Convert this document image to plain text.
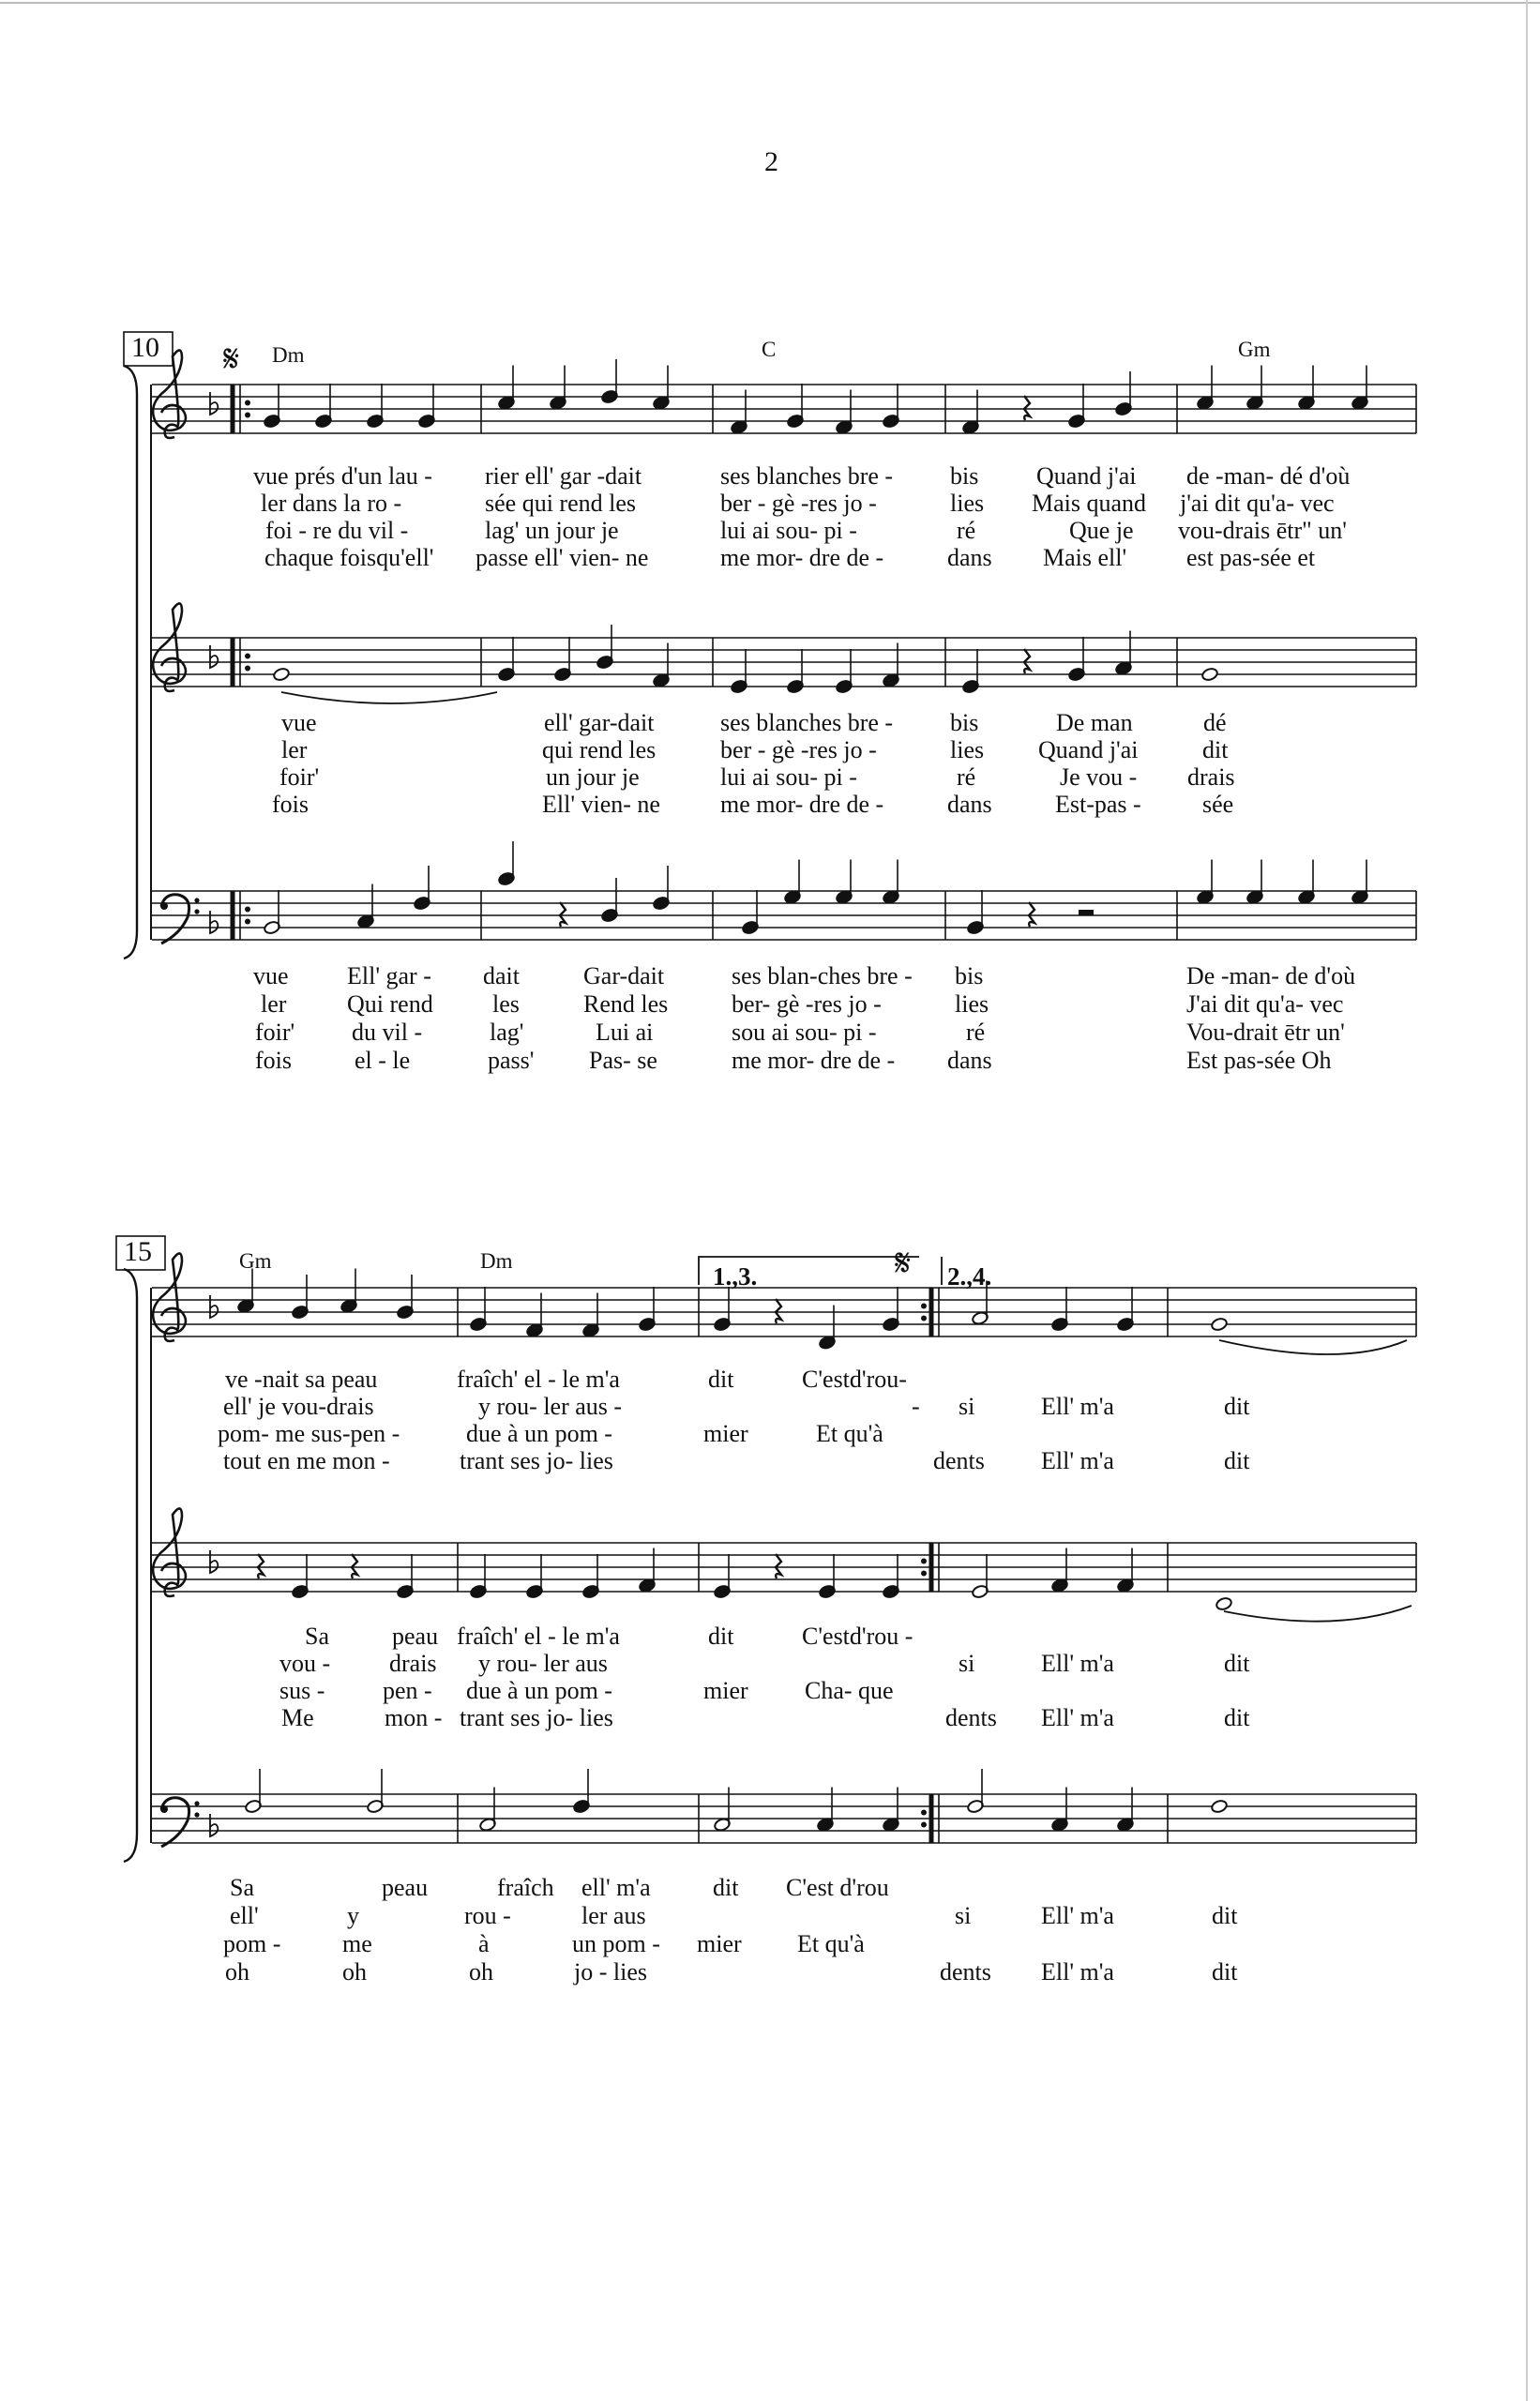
2
10 𝄋 Dm	C	Gm
vue prés d'un lau - rier ell' gar -dait	ses blanches bre - bis Quand j'ai de -man- dé d'où
ler dans la ro -	sée qui rend les	ber - gè -res jo -	lies Mais quand j'ai dit qu'a- vec
foi - re du vil -	lag' un jour je	lui ai sou- pi -	ré	Que je vou-drais ētr" un'
chaque foisqu'ell' passe ell' vien- ne	me mor- dre de -	dans Mais ell' est pas-sée et
vue	ell' gar-dait	ses blanches bre - bis	De man	dé
ler	qui rend les	ber - gè -res jo -	lies Quand j'ai	dit
foir'	un jour je	lui ai sou- pi -	ré	Je vou - drais
fois	Ell' vien- ne me mor- dre de -	dans	Est-pas -	sée
vue Ell' gar - dait	Gar-dait	ses blan-ches bre - bis	De -man- de d'où
ler Qui rend les	Rend les	ber- gè -res jo -	lies	J'ai dit qu'a- vec
foir' du vil -	lag'	Lui ai	sou ai sou- pi -	ré	Vou-drait ētr un'
fois	el - le	pass' Pas- se	me mor- dre de - dans	Est pas-sée Oh
15	Gm	Dm
1.,3.	𝄋 2.,4.
ve -nait sa peau	fraîch' el - le m'a	dit	C'estd'rou-
ell' je vou-drais	y rou- ler aus -	- si	Ell' m'a	dit
pom- me sus-pen -	due à un pom -	mier	Et qu'à
tout en me mon -	trant ses jo- lies	dents Ell' m'a	dit
Sa	peau fraîch' el - le m'a	dit	C'estd'rou -
vou - drais y rou- ler aus	si	Ell' m'a	dit
sus - pen - due à un pom -	mier Cha- que
Me	mon - trant ses jo- lies	dents Ell' m'a	dit
Sa	peau	fraîch ell' m'a	dit C'est d'rou
ell'	y	rou -	ler aus	si	Ell' m'a	dit
pom -	me	à	un pom - mier Et qu'à
oh	oh	oh	jo - lies	dents Ell' m'a	dit
